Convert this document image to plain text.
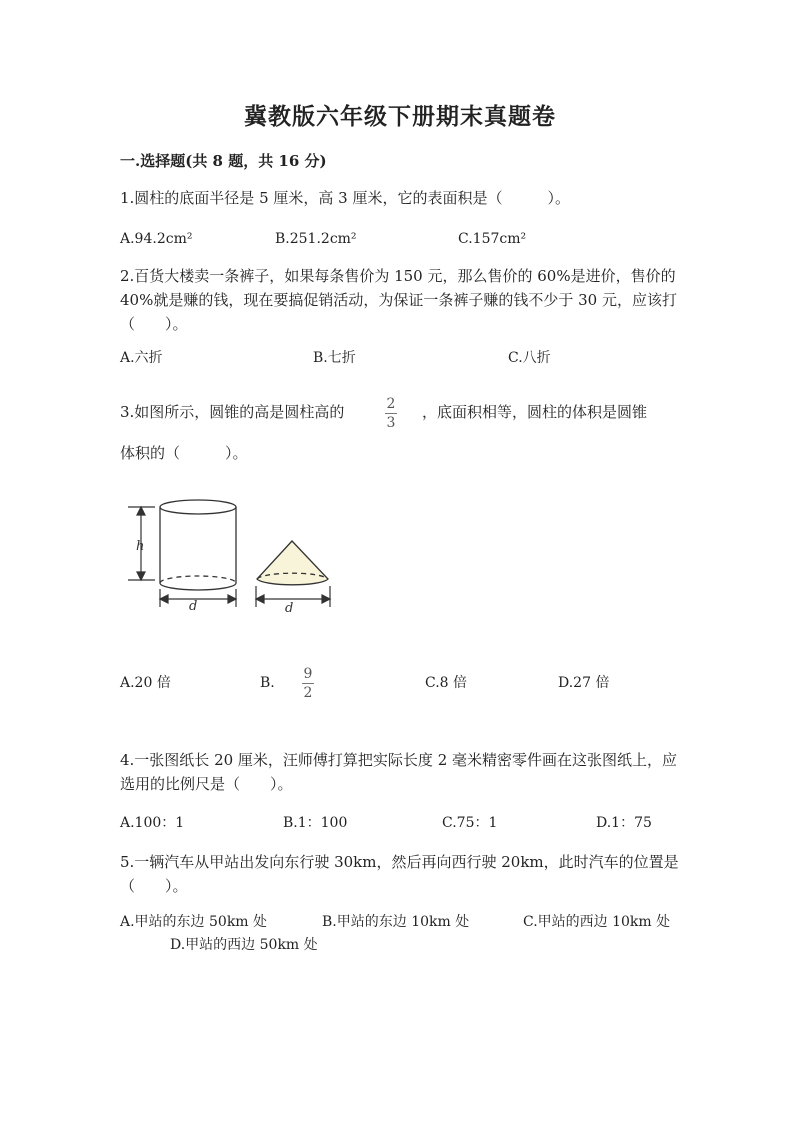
冀教版六年级下册期末真题卷
一.选择题(共 8 题，共 16 分)
1.圆柱的底面半径是 5 厘米，高 3 厘米，它的表面积是（　　　）。
A.94.2cm²	B.251.2cm²	C.157cm²
2.百货大楼卖一条裤子，如果每条售价为 150 元，那么售价的 60%是进价，售价的 40%就是赚的钱，现在要搞促销活动，为保证一条裤子赚的钱不少于 30 元，应该打（　　）。
A.六折	B.七折	C.八折
3.如图所示，圆锥的高是圆柱高的	2
3
，底面积相等，圆柱的体积是圆锥
体积的（　　　）。
h
d	d
A.20 倍	B.
9
2
C.8 倍	D.27 倍
4.一张图纸长 20 厘米，汪师傅打算把实际长度 2 毫米精密零件画在这张图纸上，应选用的比例尺是（　　）。
A.100：1	B.1：100	C.75：1	D.1：75
5.一辆汽车从甲站出发向东行驶 30km，然后再向西行驶 20km，此时汽车的位置是（　　）。
A.甲站的东边 50km 处	B.甲站的东边 10km 处	C.甲站的西边 10km 处
D.甲站的西边 50km 处
